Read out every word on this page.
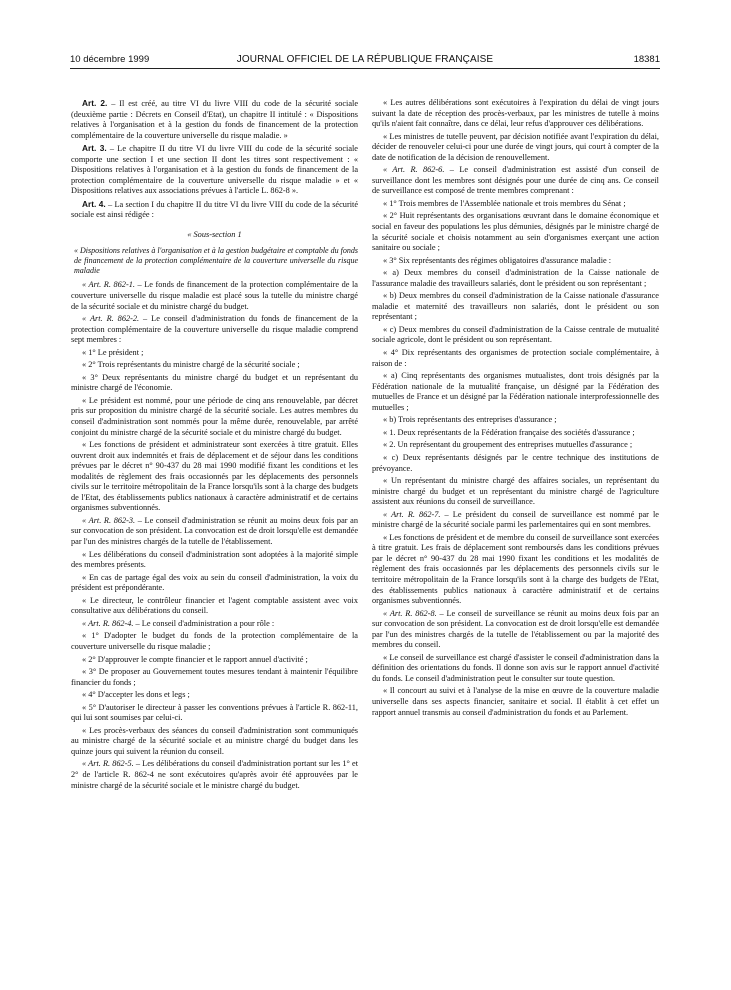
10 décembre 1999	JOURNAL OFFICIEL DE LA RÉPUBLIQUE FRANÇAISE	18381

Art. 2. – Il est créé, au titre VI du livre VIII du code de la sécurité sociale (deuxième partie : Décrets en Conseil d'Etat), un chapitre II intitulé : « Dispositions relatives à l'organisation et à la gestion du fonds de financement de la protection complémentaire de la couverture universelle du risque maladie. »

Art. 3. – Le chapitre II du titre VI du livre VIII du code de la sécurité sociale comporte une section I et une section II dont les titres sont respectivement : « Dispositions relatives à l'organisation et à la gestion du fonds de financement de la protection complémentaire de la couverture universelle du risque maladie » et « Dispositions relatives aux associations prévues à l'article L. 862-8 ».

Art. 4. – La section I du chapitre II du titre VI du livre VIII du code de la sécurité sociale est ainsi rédigée :

« Sous-section 1

« Dispositions relatives à l'organisation et à la gestion budgétaire et comptable du fonds de financement de la protection complémentaire de la couverture universelle du risque maladie

« Art. R. 862-1. – Le fonds de financement de la protection complémentaire de la couverture universelle du risque maladie est placé sous la tutelle du ministre chargé de la sécurité sociale et du ministre chargé du budget.

« Art. R. 862-2. – Le conseil d'administration du fonds de financement de la protection complémentaire de la couverture universelle du risque maladie comprend sept membres :

« 1° Le président ;

« 2° Trois représentants du ministre chargé de la sécurité sociale ;

« 3° Deux représentants du ministre chargé du budget et un représentant du ministre chargé de l'économie.

« Le président est nommé, pour une période de cinq ans renouvelable, par décret pris sur proposition du ministre chargé de la sécurité sociale. Les autres membres du conseil d'administration sont nommés pour la même durée, renouvelable, par arrêté conjoint du ministre chargé de la sécurité sociale et du ministre chargé du budget.

« Les fonctions de président et administrateur sont exercées à titre gratuit. Elles ouvrent droit aux indemnités et frais de déplacement et de séjour dans les conditions prévues par le décret n° 90-437 du 28 mai 1990 modifié fixant les conditions et les modalités de règlement des frais occasionnés par les déplacements des personnels civils sur le territoire métropolitain de la France lorsqu'ils sont à la charge des budgets de l'Etat, des établissements publics nationaux à caractère administratif et de certains organismes subventionnés.

« Art. R. 862-3. – Le conseil d'administration se réunit au moins deux fois par an sur convocation de son président. La convocation est de droit lorsqu'elle est demandée par l'un des ministres chargés de la tutelle de l'établissement.

« Les délibérations du conseil d'administration sont adoptées à la majorité simple des membres présents.

« En cas de partage égal des voix au sein du conseil d'administration, la voix du président est prépondérante.

« Le directeur, le contrôleur financier et l'agent comptable assistent avec voix consultative aux délibérations du conseil.

« Art. R. 862-4. – Le conseil d'administration a pour rôle :

« 1° D'adopter le budget du fonds de la protection complémentaire de la couverture universelle du risque maladie ;

« 2° D'approuver le compte financier et le rapport annuel d'activité ;

« 3° De proposer au Gouvernement toutes mesures tendant à maintenir l'équilibre financier du fonds ;

« 4° D'accepter les dons et legs ;

« 5° D'autoriser le directeur à passer les conventions prévues à l'article R. 862-11, qui lui sont soumises par celui-ci.

« Les procès-verbaux des séances du conseil d'administration sont communiqués au ministre chargé de la sécurité sociale et au ministre chargé du budget dans les quinze jours qui suivent la réunion du conseil.

« Art. R. 862-5. – Les délibérations du conseil d'administration portant sur les 1° et 2° de l'article R. 862-4 ne sont exécutoires qu'après avoir été approuvées par le ministre chargé de la sécurité sociale et le ministre chargé du budget.

« Les autres délibérations sont exécutoires à l'expiration du délai de vingt jours suivant la date de réception des procès-verbaux, par les ministres de tutelle à moins qu'ils n'aient fait connaître, dans ce délai, leur refus d'approuver ces délibérations.

« Les ministres de tutelle peuvent, par décision notifiée avant l'expiration du délai, décider de renouveler celui-ci pour une durée de vingt jours, qui court à compter de la date de notification de la décision de renouvellement.

« Art. R. 862-6. – Le conseil d'administration est assisté d'un conseil de surveillance dont les membres sont désignés pour une durée de cinq ans. Ce conseil de surveillance est composé de trente membres comprenant :

« 1° Trois membres de l'Assemblée nationale et trois membres du Sénat ;

« 2° Huit représentants des organisations œuvrant dans le domaine économique et social en faveur des populations les plus démunies, désignés par le ministre chargé de la sécurité sociale et choisis notamment au sein d'organismes exerçant une action sanitaire ou sociale ;

« 3° Six représentants des régimes obligatoires d'assurance maladie :

« a) Deux membres du conseil d'administration de la Caisse nationale de l'assurance maladie des travailleurs salariés, dont le président ou son représentant ;

« b) Deux membres du conseil d'administration de la Caisse nationale d'assurance maladie et maternité des travailleurs non salariés, dont le président ou son représentant ;

« c) Deux membres du conseil d'administration de la Caisse centrale de mutualité sociale agricole, dont le président ou son représentant.

« 4° Dix représentants des organismes de protection sociale complémentaire, à raison de :

« a) Cinq représentants des organismes mutualistes, dont trois désignés par la Fédération nationale de la mutualité française, un désigné par la Fédération des mutuelles de France et un désigné par la Fédération nationale interprofessionnelle des mutuelles ;

« b) Trois représentants des entreprises d'assurance ;

« 1. Deux représentants de la Fédération française des sociétés d'assurance ;

« 2. Un représentant du groupement des entreprises mutuelles d'assurance ;

« c) Deux représentants désignés par le centre technique des institutions de prévoyance.

« Un représentant du ministre chargé des affaires sociales, un représentant du ministre chargé du budget et un représentant du ministre chargé de l'agriculture assistent aux réunions du conseil de surveillance.

« Art. R. 862-7. – Le président du conseil de surveillance est nommé par le ministre chargé de la sécurité sociale parmi les parlementaires qui en sont membres.

« Les fonctions de président et de membre du conseil de surveillance sont exercées à titre gratuit. Les frais de déplacement sont remboursés dans les conditions prévues par le décret n° 90-437 du 28 mai 1990 fixant les conditions et les modalités de règlement des frais occasionnés par les déplacements des personnels civils sur le territoire métropolitain de la France lorsqu'ils sont à la charge des budgets de l'Etat, des établissements publics nationaux à caractère administratif et de certains organismes subventionnés.

« Art. R. 862-8. – Le conseil de surveillance se réunit au moins deux fois par an sur convocation de son président. La convocation est de droit lorsqu'elle est demandée par l'un des ministres chargés de la tutelle de l'établissement ou par la majorité des membres du conseil.

« Le conseil de surveillance est chargé d'assister le conseil d'administration dans la définition des orientations du fonds. Il donne son avis sur le rapport annuel d'activité du fonds. Le conseil d'administration peut le consulter sur toute question.

« Il concourt au suivi et à l'analyse de la mise en œuvre de la couverture maladie universelle dans ses aspects financier, sanitaire et social. Il établit à cet effet un rapport annuel transmis au conseil d'administration du fonds et au Parlement.
